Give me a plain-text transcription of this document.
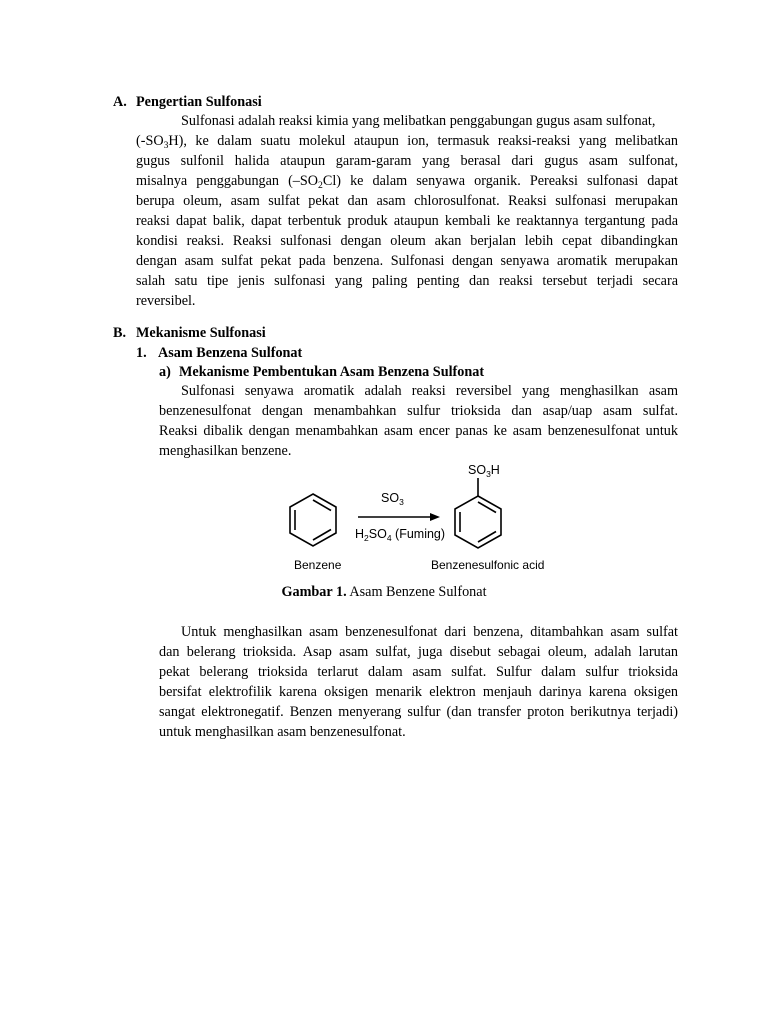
A. Pengertian Sulfonasi
Sulfonasi adalah reaksi kimia yang melibatkan penggabungan gugus asam sulfonat,
$(-SO_3H)$, ke dalam suatu molekul ataupun ion, termasuk reaksi-reaksi yang melibatkan
gugus sulfonil halida ataupun garam-garam yang berasal dari gugus asam sulfonat,
misalnya penggabungan $(-SO_2Cl)$ ke dalam senyawa organik. Pereaksi sulfonasi dapat
berupa oleum, asam sulfat pekat dan asam chlorosulfonat. Reaksi sulfonasi merupakan
reaksi dapat balik, dapat terbentuk produk ataupun kembali ke reaktannya tergantung pada
kondisi reaksi. Reaksi sulfonasi dengan oleum akan berjalan lebih cepat dibandingkan
dengan asam sulfat pekat pada benzena. Sulfonasi dengan senyawa aromatik merupakan
salah satu tipe jenis sulfonasi yang paling penting dan reaksi tersebut terjadi secara
reversibel.
B. Mekanisme Sulfonasi
1. Asam Benzena Sulfonat
a) Mekanisme Pembentukan Asam Benzena Sulfonat
Sulfonasi senyawa aromatik adalah reaksi reversibel yang menghasilkan asam
benzenesulfonat dengan menambahkan sulfur trioksida dan asap/uap asam sulfat.
Reaksi dibalik dengan menambahkan asam encer panas ke asam benzenesulfonat untuk
menghasilkan benzene.
Benzene
$SO_3$
$H_2SO_4$ (Fuming)
$SO_3H$
Benzenesulfonic acid
Gambar 1. Asam Benzene Sulfonat
Untuk menghasilkan asam benzenesulfonat dari benzena, ditambahkan asam sulfat
dan belerang trioksida. Asap asam sulfat, juga disebut sebagai oleum, adalah larutan
pekat belerang trioksida terlarut dalam asam sulfat. Sulfur dalam sulfur trioksida
bersifat elektrofilik karena oksigen menarik elektron menjauh darinya karena oksigen
sangat elektronegatif. Benzen menyerang sulfur (dan transfer proton berikutnya terjadi)
untuk menghasilkan asam benzenesulfonat.
